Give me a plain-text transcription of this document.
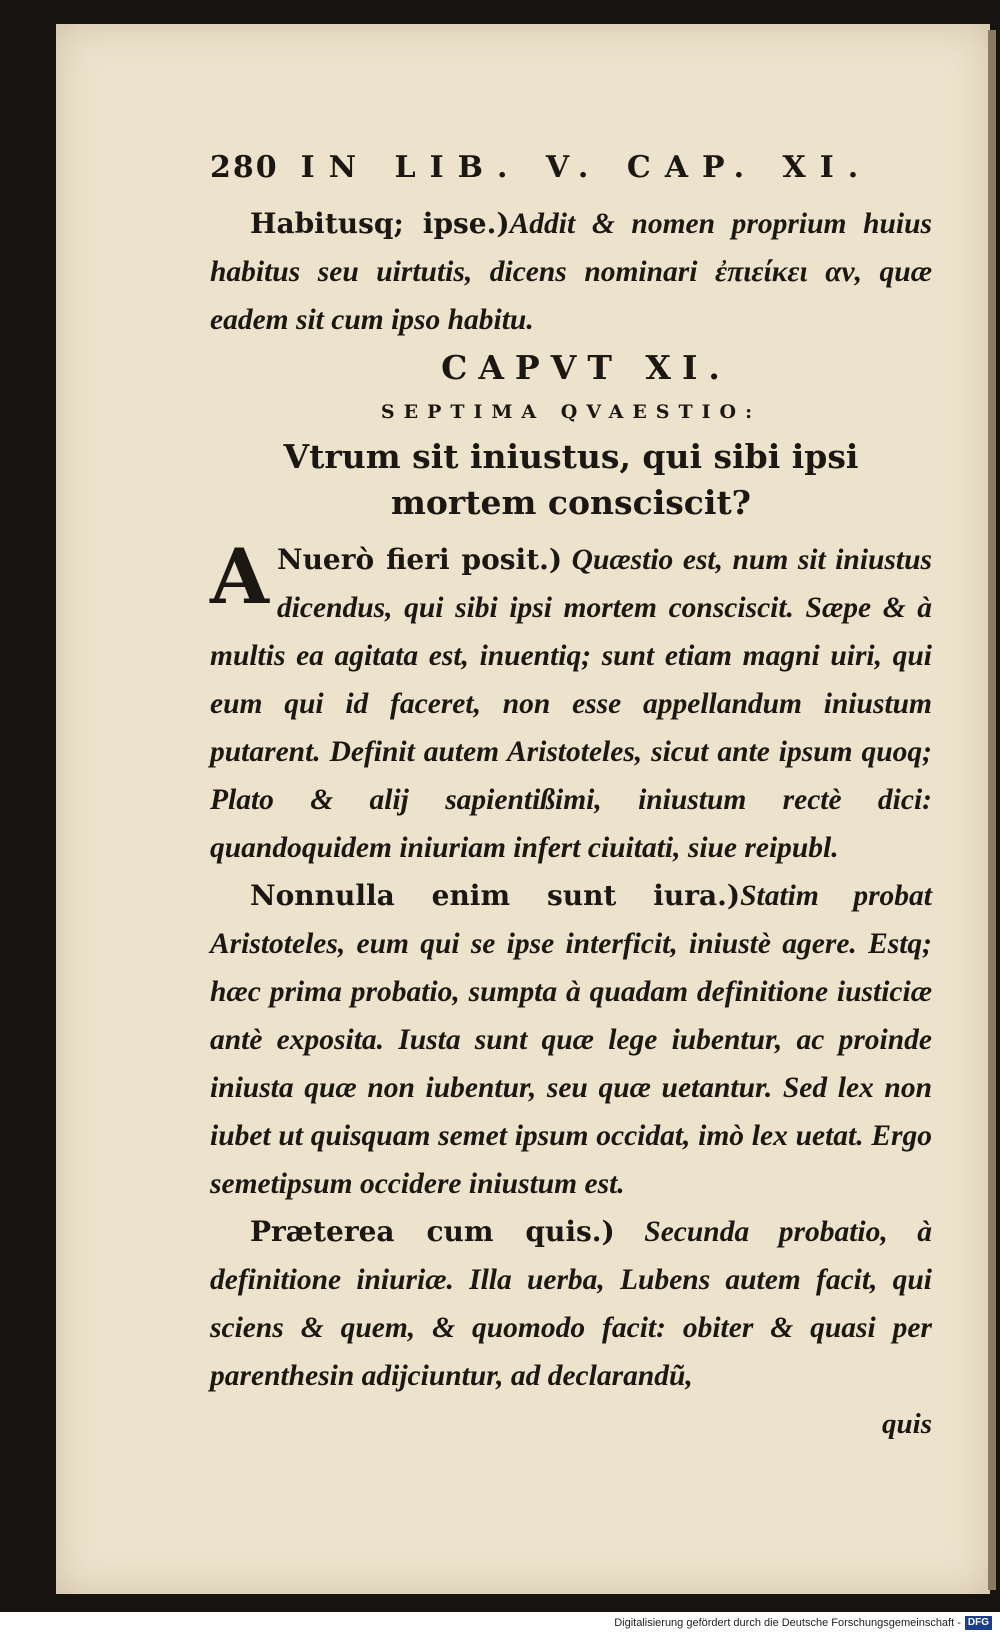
280 IN LIB. V. CAP. XI.

Habitusq; ipse.)Addit & nomen proprium huius habitus seu uirtutis, dicens nominari ἐπιείκει αν, quæ eadem sit cum ipso habitu.

CAPVT XI.
SEPTIMA QVAESTIO:
Vtrum sit iniustus, qui sibi ipsi mortem consciscit?

A Nuerò fieri posit.) Quæstio est, num sit iniustus dicendus, qui sibi ipsi mortem consciscit. Sæpe & à multis ea agitata est, inuentiq; sunt etiam magni uiri, qui eum qui id faceret, non esse appellandum iniustum putarent. Definit autem Aristoteles, sicut ante ipsum quoq; Plato & alij sapientißimi, iniustum rectè dici: quandoquidem iniuriam infert ciuitati, siue reipubl.

Nonnulla enim sunt iura.)Statim probat Aristoteles, eum qui se ipse interficit, iniustè agere. Estq; hæc prima probatio, sumpta à quadam definitione iusticiæ antè exposita. Iusta sunt quæ lege iubentur, ac proinde iniusta quæ non iubentur, seu quæ uetantur. Sed lex non iubet ut quisquam semet ipsum occidat, imò lex uetat. Ergo semetipsum occidere iniustum est.

Præterea cum quis.) Secunda probatio, à definitione iniuriæ. Illa uerba, Lubens autem facit, qui sciens & quem, & quomodo facit: obiter & quasi per parenthesin adijciuntur, ad declarandũ,

quis
Digitalisierung gefördert durch die Deutsche Forschungsgemeinschaft - DFG
